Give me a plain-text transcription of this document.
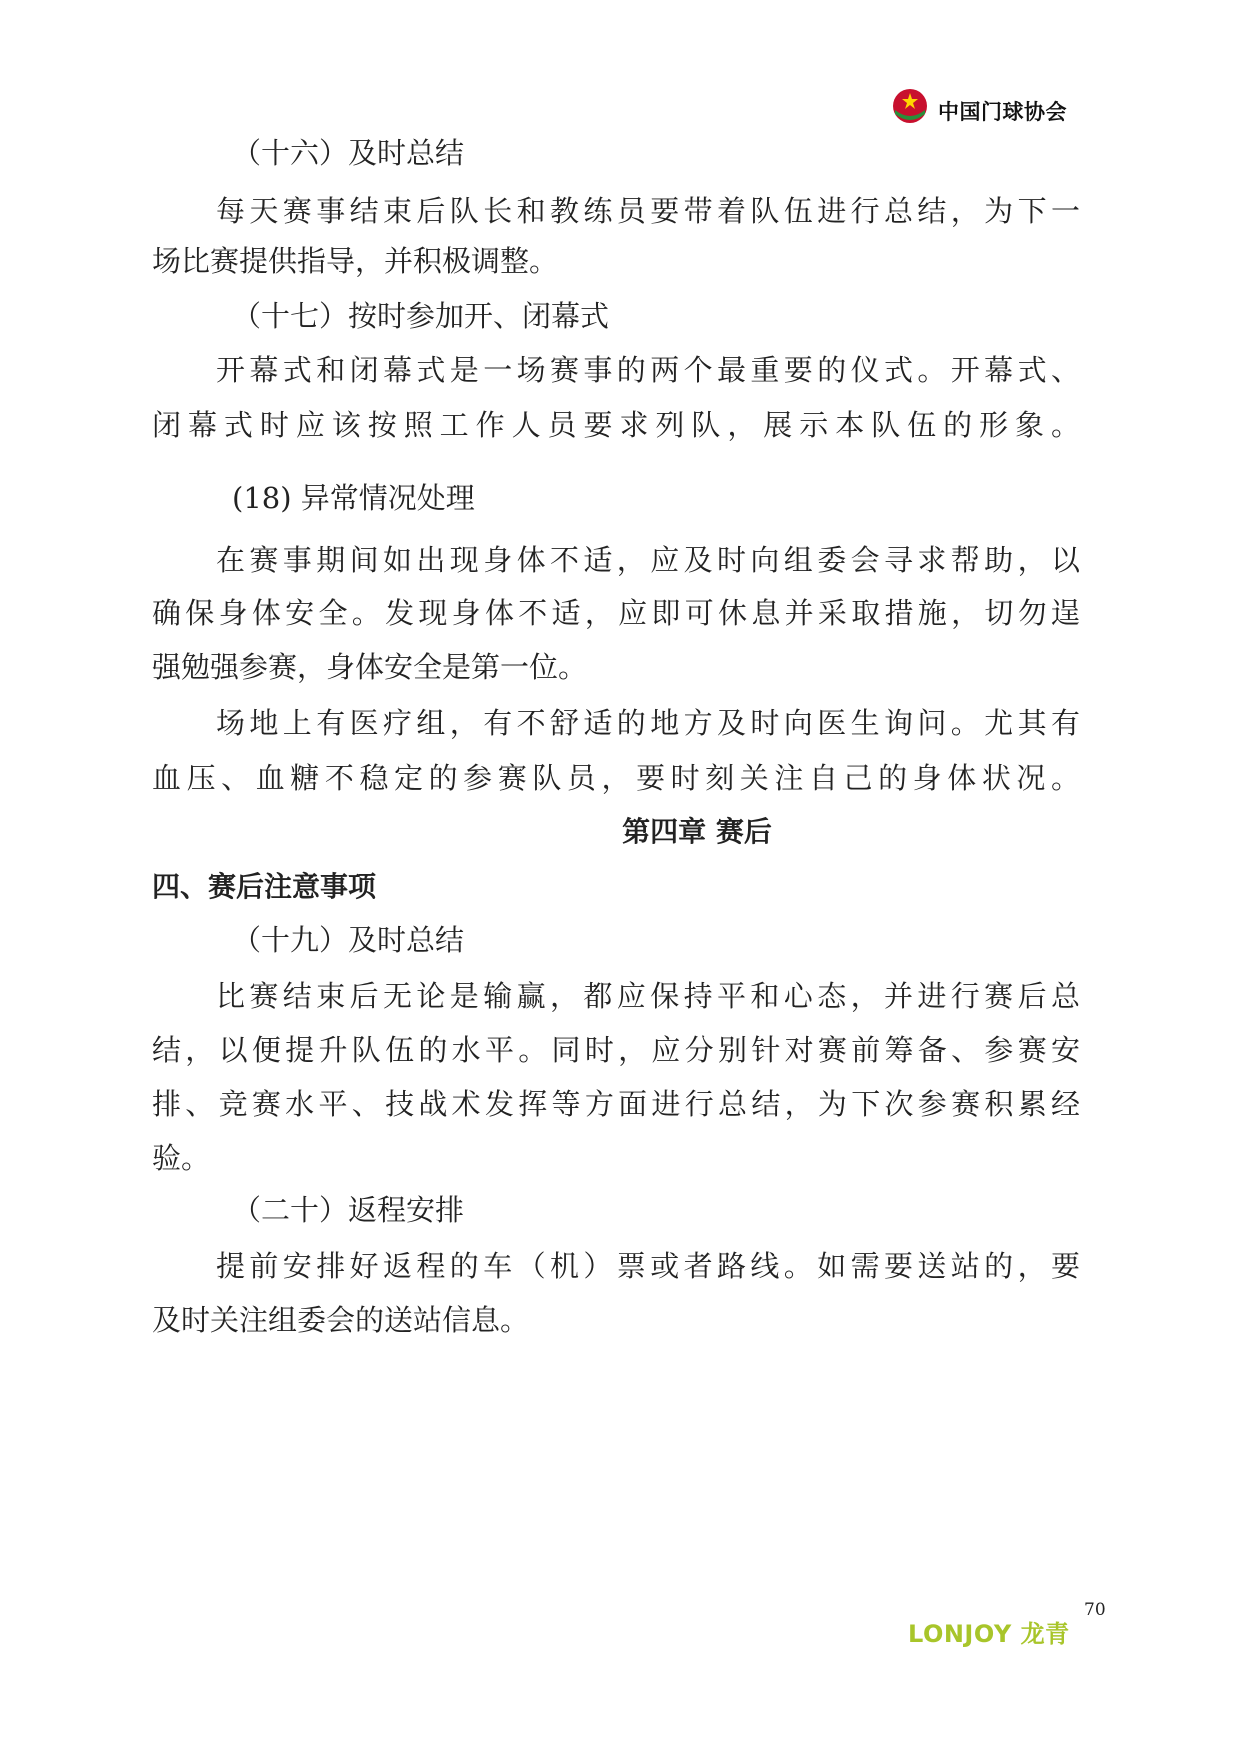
中国门球协会
（十六）及时总结
每天赛事结束后队长和教练员要带着队伍进行总结，为下一
场比赛提供指导，并积极调整。
（十七）按时参加开、闭幕式
开幕式和闭幕式是一场赛事的两个最重要的仪式。开幕式、
闭幕式时应该按照工作人员要求列队，展示本队伍的形象。
(18) 异常情况处理
在赛事期间如出现身体不适，应及时向组委会寻求帮助，以
确保身体安全。发现身体不适，应即可休息并采取措施，切勿逞
强勉强参赛，身体安全是第一位。
场地上有医疗组，有不舒适的地方及时向医生询问。尤其有
血压、血糖不稳定的参赛队员，要时刻关注自己的身体状况。
第四章 赛后
四、赛后注意事项
（十九）及时总结
比赛结束后无论是输赢，都应保持平和心态，并进行赛后总
结，以便提升队伍的水平。同时，应分别针对赛前筹备、参赛安
排、竞赛水平、技战术发挥等方面进行总结，为下次参赛积累经
验。
（二十）返程安排
提前安排好返程的车（机）票或者路线。如需要送站的，要
及时关注组委会的送站信息。
LONJOY 龙青
70
